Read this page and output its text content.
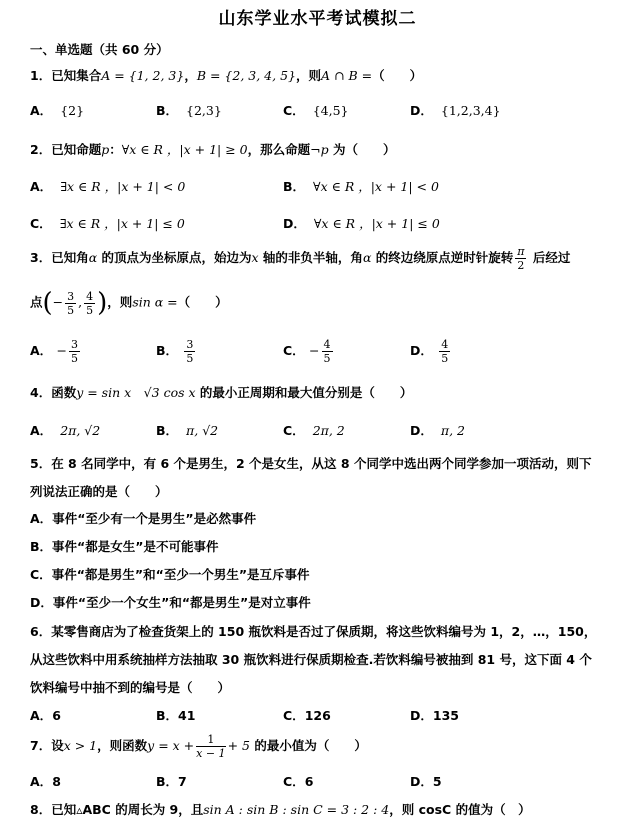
山东学业水平考试模拟二
一、单选题（共 60 分）
1．已知集合A = {1, 2, 3}，B = {2, 3, 4, 5}，则A ∩ B =（　　）
A． {2}	B． {2,3}	C． {4,5}	D． {1,2,3,4}
2．已知命题p：∀x ∈ R ，|x + 1| ≥ 0，那么命题¬p 为（　　）
A． ∃x ∈ R ，|x + 1| < 0	B． ∀x ∈ R ，|x + 1| < 0
C． ∃x ∈ R ，|x + 1| ≤ 0	D． ∀x ∈ R ，|x + 1| ≤ 0
3．已知角α 的顶点为坐标原点，始边为x 轴的非负半轴，角α 的终边绕原点逆时针旋转 $\frac{\pi}{2}$ 后经过
点(− $\frac{3}{5}$ , $\frac{4}{5}$ )，则sin α =（　　）
A． − $\frac{3}{5}$	B． $\frac{3}{5}$	C． − $\frac{4}{5}$	D． $\frac{4}{5}$
4．函数y = sin x　√3 cos x 的最小正周期和最大值分别是（　　）
A． 2π, √2	B． π, √2	C． 2π, 2	D． π, 2
5．在 8 名同学中，有 6 个是男生，2 个是女生，从这 8 个同学中选出两个同学参加一项活动，则下
列说法正确的是（　　）
A．事件“至少有一个是男生”是必然事件
B．事件“都是女生”是不可能事件
C．事件“都是男生”和“至少一个男生”是互斥事件
D．事件“至少一个女生”和“都是男生”是对立事件
6．某零售商店为了检查货架上的 150 瓶饮料是否过了保质期，将这些饮料编号为 1，2，…，150，
从这些饮料中用系统抽样方法抽取 30 瓶饮料进行保质期检查.若饮料编号被抽到 81 号，这下面 4 个
饮料编号中抽不到的编号是（　　）
A．6	B．41	C．126	D．135
7．设x > 1，则函数$y = x + \frac{1}{x - 1} + 5$ 的最小值为（　　）
A．8	B．7	C．6	D．5
8．已知▵ABC 的周长为 9，且sin A : sin B : sin C = 3 : 2 : 4，则 cosC 的值为（　）
